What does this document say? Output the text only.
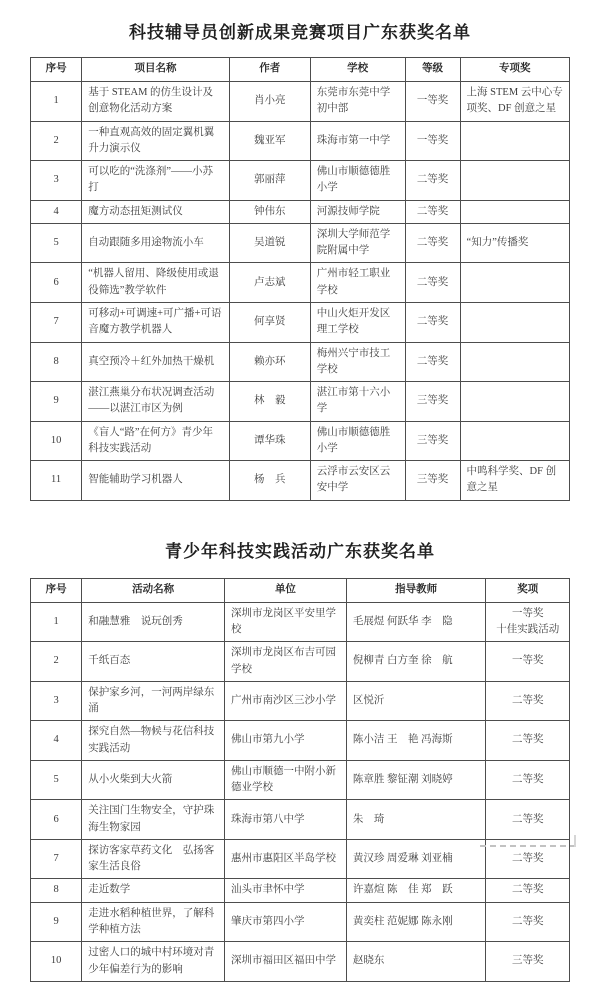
科技辅导员创新成果竞赛项目广东获奖名单
序号	项目名称	作者	学校	等级	专项奖
1	基于 STEAM 的仿生设计及创意物化活动方案	肖小亮	东莞市东莞中学初中部	一等奖	上海 STEM 云中心专项奖、DF 创意之星
2	一种直观高效的固定翼机翼升力演示仪	魏亚军	珠海市第一中学	一等奖	
3	可以吃的“洗涤剂”——小苏打	郭丽萍	佛山市顺德德胜小学	二等奖	
4	魔方动态扭矩测试仪	钟伟东	河源技师学院	二等奖	
5	自动跟随多用途物流小车	吴道锐	深圳大学师范学院附属中学	二等奖	“知力”传播奖
6	“机器人留用、降级使用或退役筛选”教学软件	卢志斌	广州市轻工职业学校	二等奖	
7	可移动+可调速+可广播+可语音魔方教学机器人	何享贤	中山火炬开发区理工学校	二等奖	
8	真空预冷＋红外加热干燥机	赖亦环	梅州兴宁市技工学校	二等奖	
9	湛江燕巢分布状况调查活动——以湛江市区为例	林　毅	湛江市第十六小学	三等奖	
10	《盲人“路”在何方》青少年科技实践活动	谭华珠	佛山市顺德德胜小学	三等奖	
11	智能辅助学习机器人	杨　兵	云浮市云安区云安中学	三等奖	中鸣科学奖、DF 创意之星
青少年科技实践活动广东获奖名单
序号	活动名称	单位	指导教师	奖项
1	和融慧雅　说玩创秀	深圳市龙岗区平安里学校	毛展煜 何跃华 李　隐	一等奖
十佳实践活动
2	千纸百态	深圳市龙岗区布吉可园学校	倪柳青 白方奎 徐　航	一等奖
3	保护家乡河，一河两岸绿东涌	广州市南沙区三沙小学	区悦沂	二等奖
4	探究自然—物候与花信科技实践活动	佛山市第九小学	陈小洁 王　艳 冯海斯	二等奖
5	从小火柴到大火箭	佛山市顺德一中附小新德业学校	陈章胜 黎钲潮 刘晓婷	二等奖
6	关注国门生物安全，守护珠海生物家园	珠海市第八中学	朱　琦	二等奖
7	探访客家草药文化　弘扬客家生活良俗	惠州市惠阳区半岛学校	黄汉珍 周爱琳 刘亚楠	二等奖
8	走近数学	汕头市聿怀中学	许嘉煊 陈　佳 郑　跃	二等奖
9	走进水稻种植世界，了解科学种植方法	肇庆市第四小学	黄奕柱 范妮娜 陈永刚	二等奖
10	过密人口的城中村环境对青少年偏差行为的影响	深圳市福田区福田中学	赵晓东	三等奖
